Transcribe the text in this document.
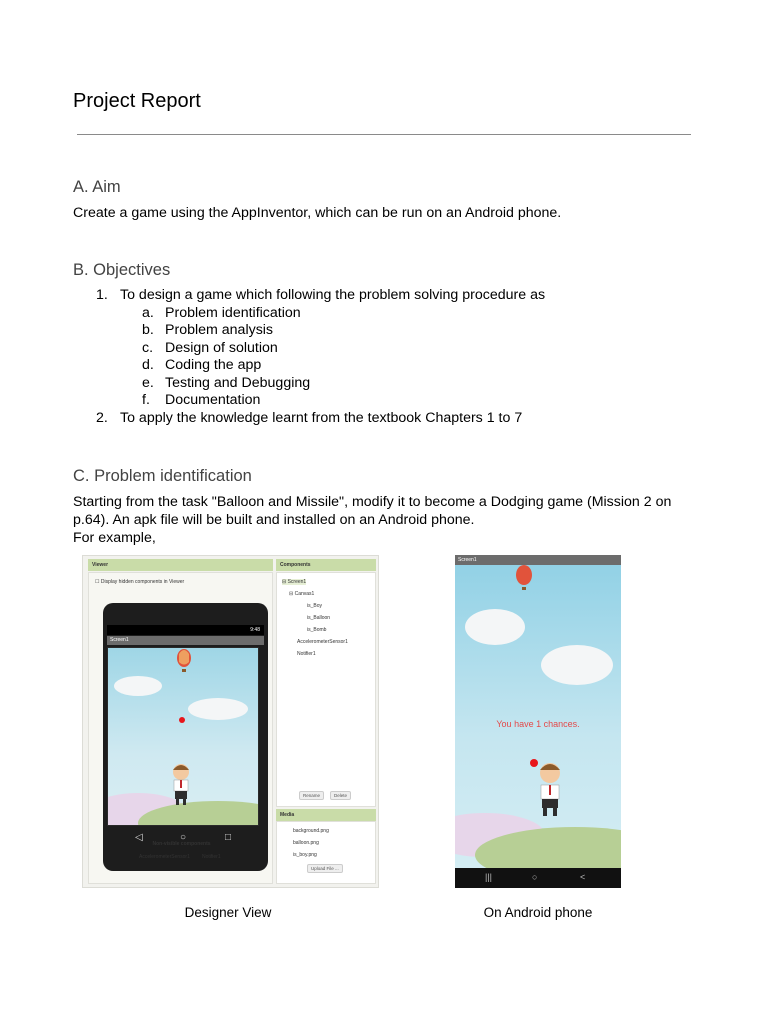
Project Report
A. Aim
Create a game using the AppInventor, which can be run on an Android phone.
B. Objectives
1. To design a game which following the problem solving procedure as
a. Problem identification
b. Problem analysis
c. Design of solution
d. Coding the app
e. Testing and Debugging
f. Documentation
2. To apply the knowledge learnt from the textbook Chapters 1 to 7
C. Problem identification
Starting from the task "Balloon and Missile", modify it to become a Dodging game (Mission 2 on
p.64). An apk file will be built and installed on an Android phone.
For example,
Viewer	Components
☐ Display hidden components in Viewer
9:48
Screen1
◁	○	□
Non-visible components
AccelerometerSensor1 Notifier1
⊟ Screen1
⊟ Canvas1
is_Boy
is_Balloon
is_Bomb
AccelerometerSensor1
Notifier1
Rename	Delete
Media
background.png
balloon.png
is_boy.png
Upload File ...
Screen1
You have 1 chances.
|||	○	<
Designer View	On Android phone
